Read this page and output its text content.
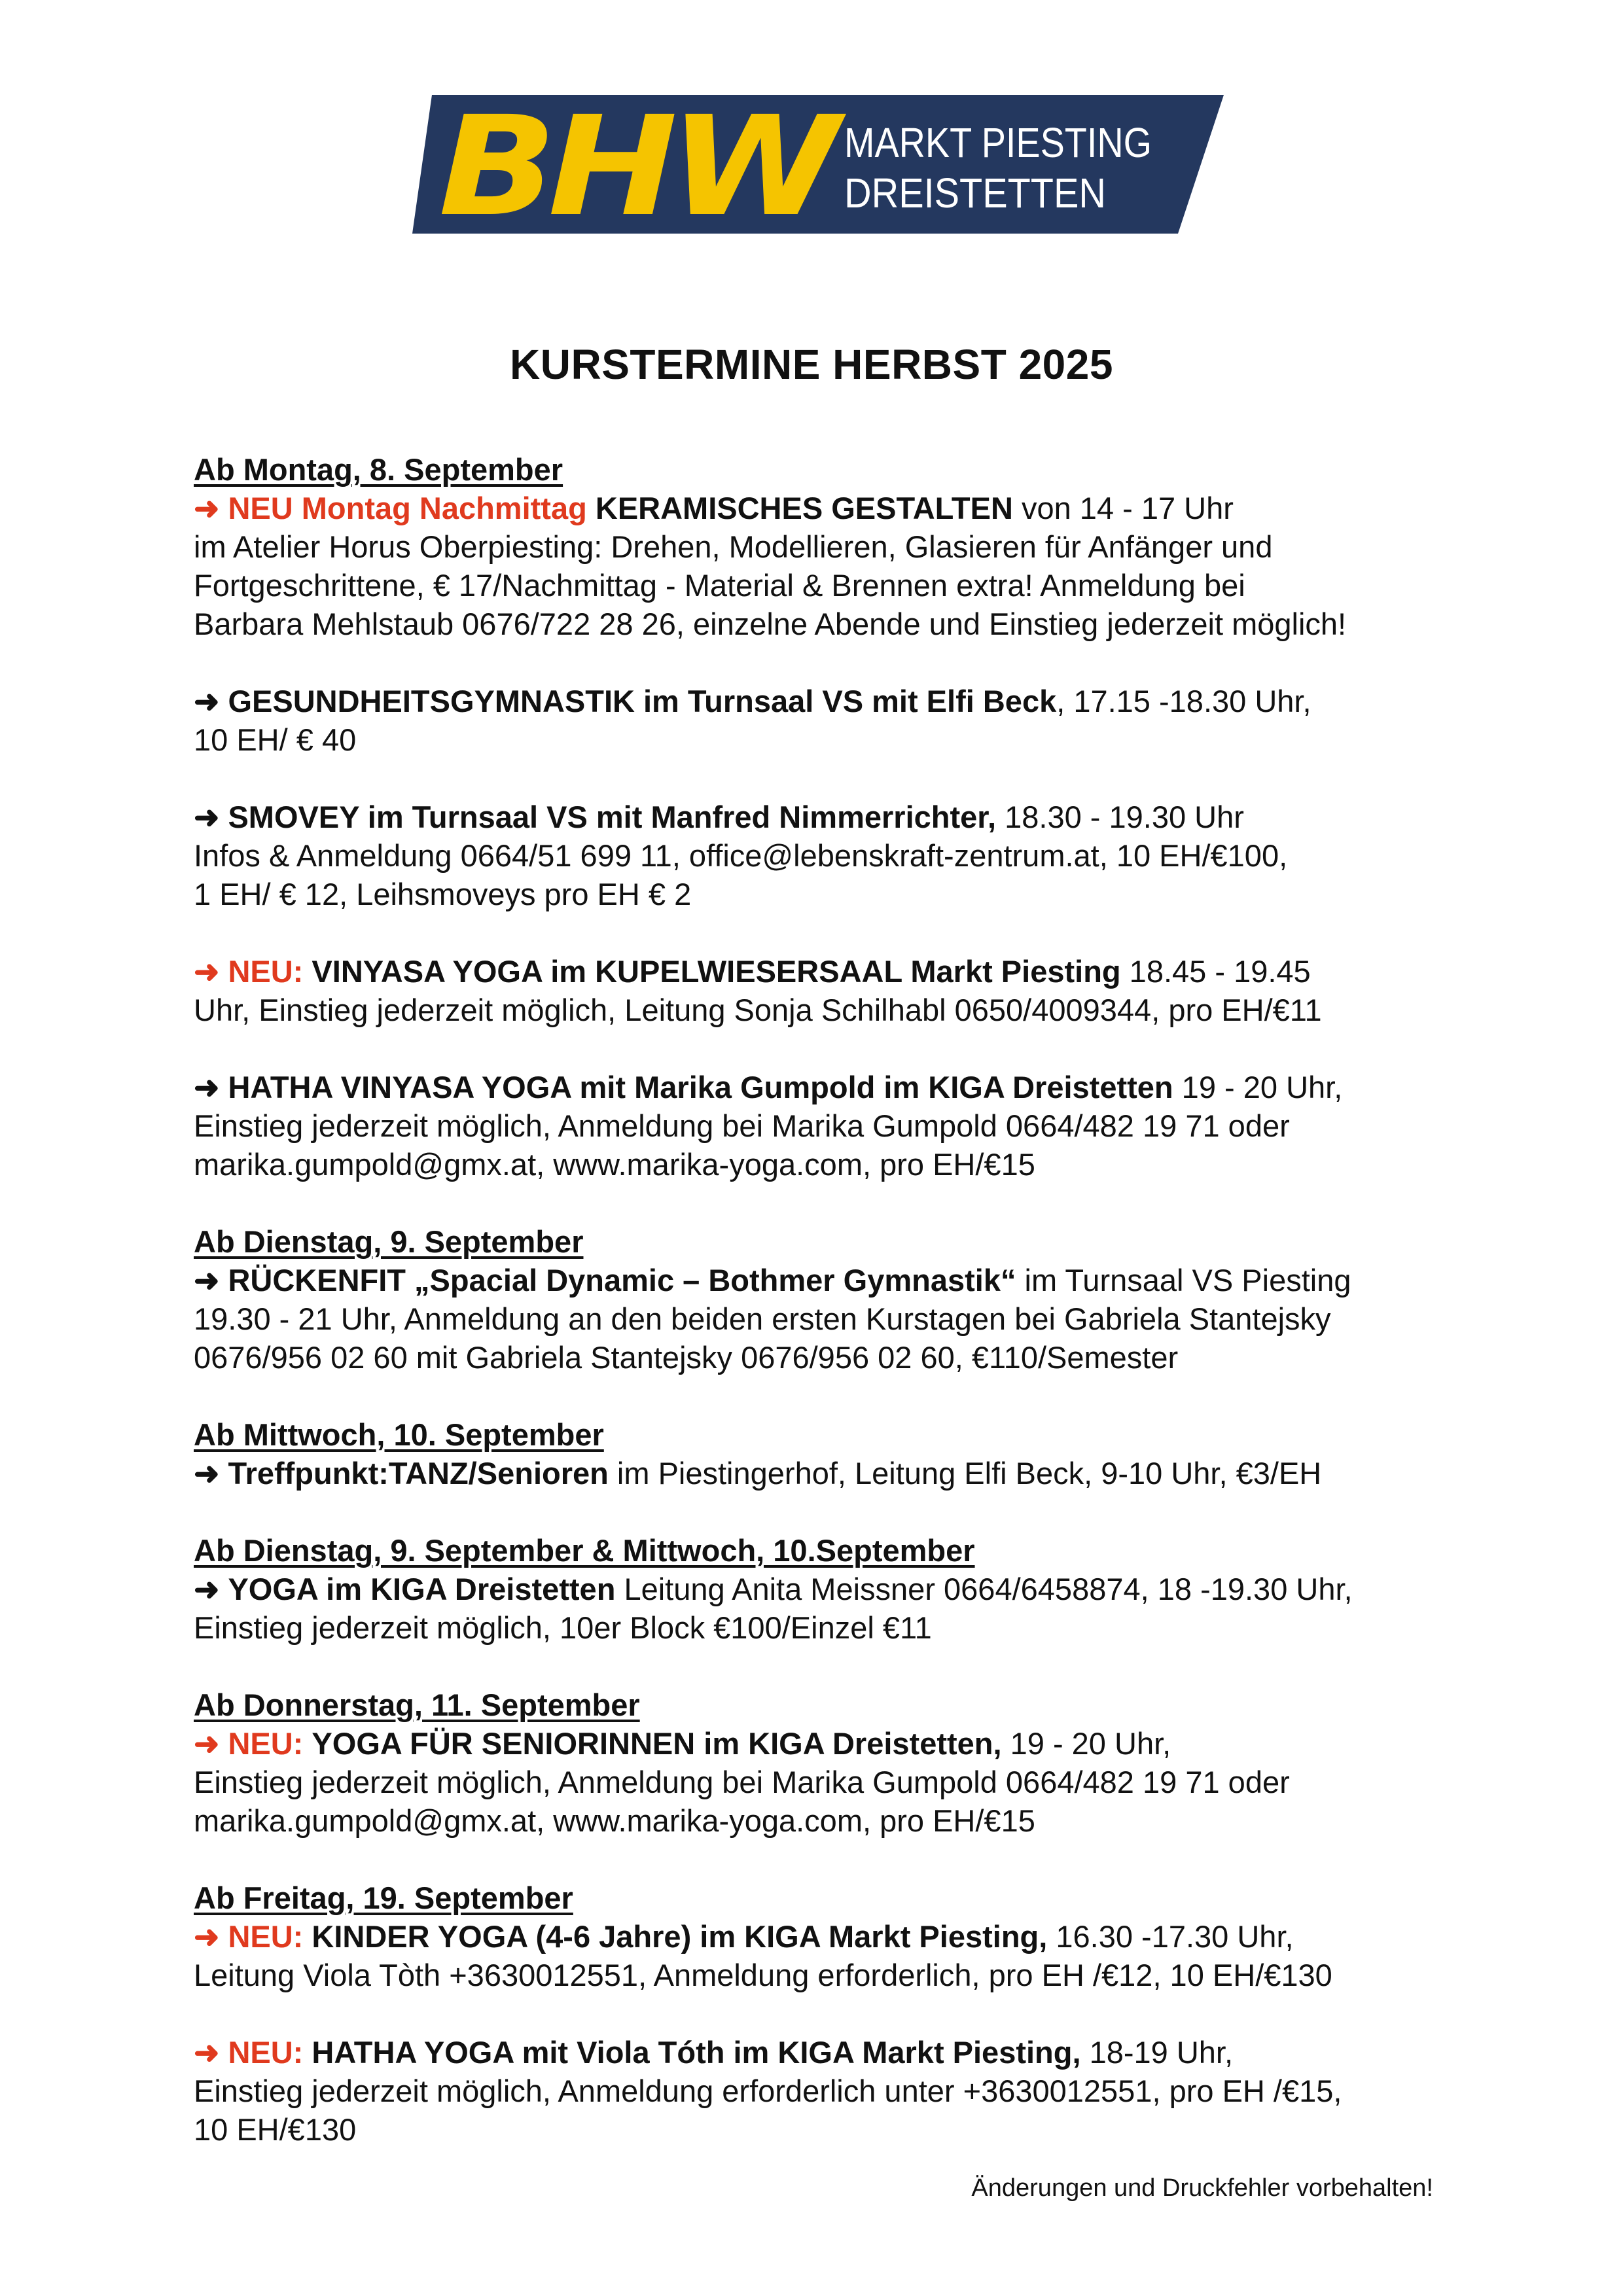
BHW
MARKT PIESTING
DREISTETTEN
KURSTERMINE HERBST 2025
Ab Montag, 8. September
➜ NEU Montag Nachmittag KERAMISCHES GESTALTEN von 14 - 17 Uhr
im Atelier Horus Oberpiesting: Drehen, Modellieren, Glasieren für Anfänger und
Fortgeschrittene, € 17/Nachmittag - Material & Brennen extra! Anmeldung bei
Barbara Mehlstaub 0676/722 28 26, einzelne Abende und Einstieg jederzeit möglich!
➜ GESUNDHEITSGYMNASTIK im Turnsaal VS mit Elfi Beck, 17.15 -18.30 Uhr,
10 EH/ € 40
➜ SMOVEY im Turnsaal VS mit Manfred Nimmerrichter, 18.30 - 19.30 Uhr
Infos & Anmeldung 0664/51 699 11, office@lebenskraft-zentrum.at, 10 EH/€100,
1 EH/ € 12, Leihsmoveys pro EH € 2
➜ NEU: VINYASA YOGA im KUPELWIESERSAAL Markt Piesting 18.45 - 19.45
Uhr, Einstieg jederzeit möglich, Leitung Sonja Schilhabl 0650/4009344, pro EH/€11
➜ HATHA VINYASA YOGA mit Marika Gumpold im KIGA Dreistetten 19 - 20 Uhr,
Einstieg jederzeit möglich, Anmeldung bei Marika Gumpold 0664/482 19 71 oder
marika.gumpold@gmx.at, www.marika-yoga.com, pro EH/€15
Ab Dienstag, 9. September
➜ RÜCKENFIT „Spacial Dynamic – Bothmer Gymnastik“ im Turnsaal VS Piesting
19.30 - 21 Uhr, Anmeldung an den beiden ersten Kurstagen bei Gabriela Stantejsky
0676/956 02 60 mit Gabriela Stantejsky 0676/956 02 60, €110/Semester
Ab Mittwoch, 10. September
➜ Treffpunkt:TANZ/Senioren im Piestingerhof, Leitung Elfi Beck, 9-10 Uhr, €3/EH
Ab Dienstag, 9. September & Mittwoch, 10.September
➜ YOGA im KIGA Dreistetten Leitung Anita Meissner 0664/6458874, 18 -19.30 Uhr,
Einstieg jederzeit möglich, 10er Block €100/Einzel €11
Ab Donnerstag, 11. September
➜ NEU: YOGA FÜR SENIORINNEN im KIGA Dreistetten, 19 - 20 Uhr,
Einstieg jederzeit möglich, Anmeldung bei Marika Gumpold 0664/482 19 71 oder
marika.gumpold@gmx.at, www.marika-yoga.com, pro EH/€15
Ab Freitag, 19. September
➜ NEU: KINDER YOGA (4-6 Jahre) im KIGA Markt Piesting, 16.30 -17.30 Uhr,
Leitung Viola Tòth +3630012551, Anmeldung erforderlich, pro EH /€12, 10 EH/€130
➜ NEU: HATHA YOGA mit Viola Tóth im KIGA Markt Piesting, 18-19 Uhr,
Einstieg jederzeit möglich, Anmeldung erforderlich unter +3630012551, pro EH /€15,
10 EH/€130
Änderungen und Druckfehler vorbehalten!
